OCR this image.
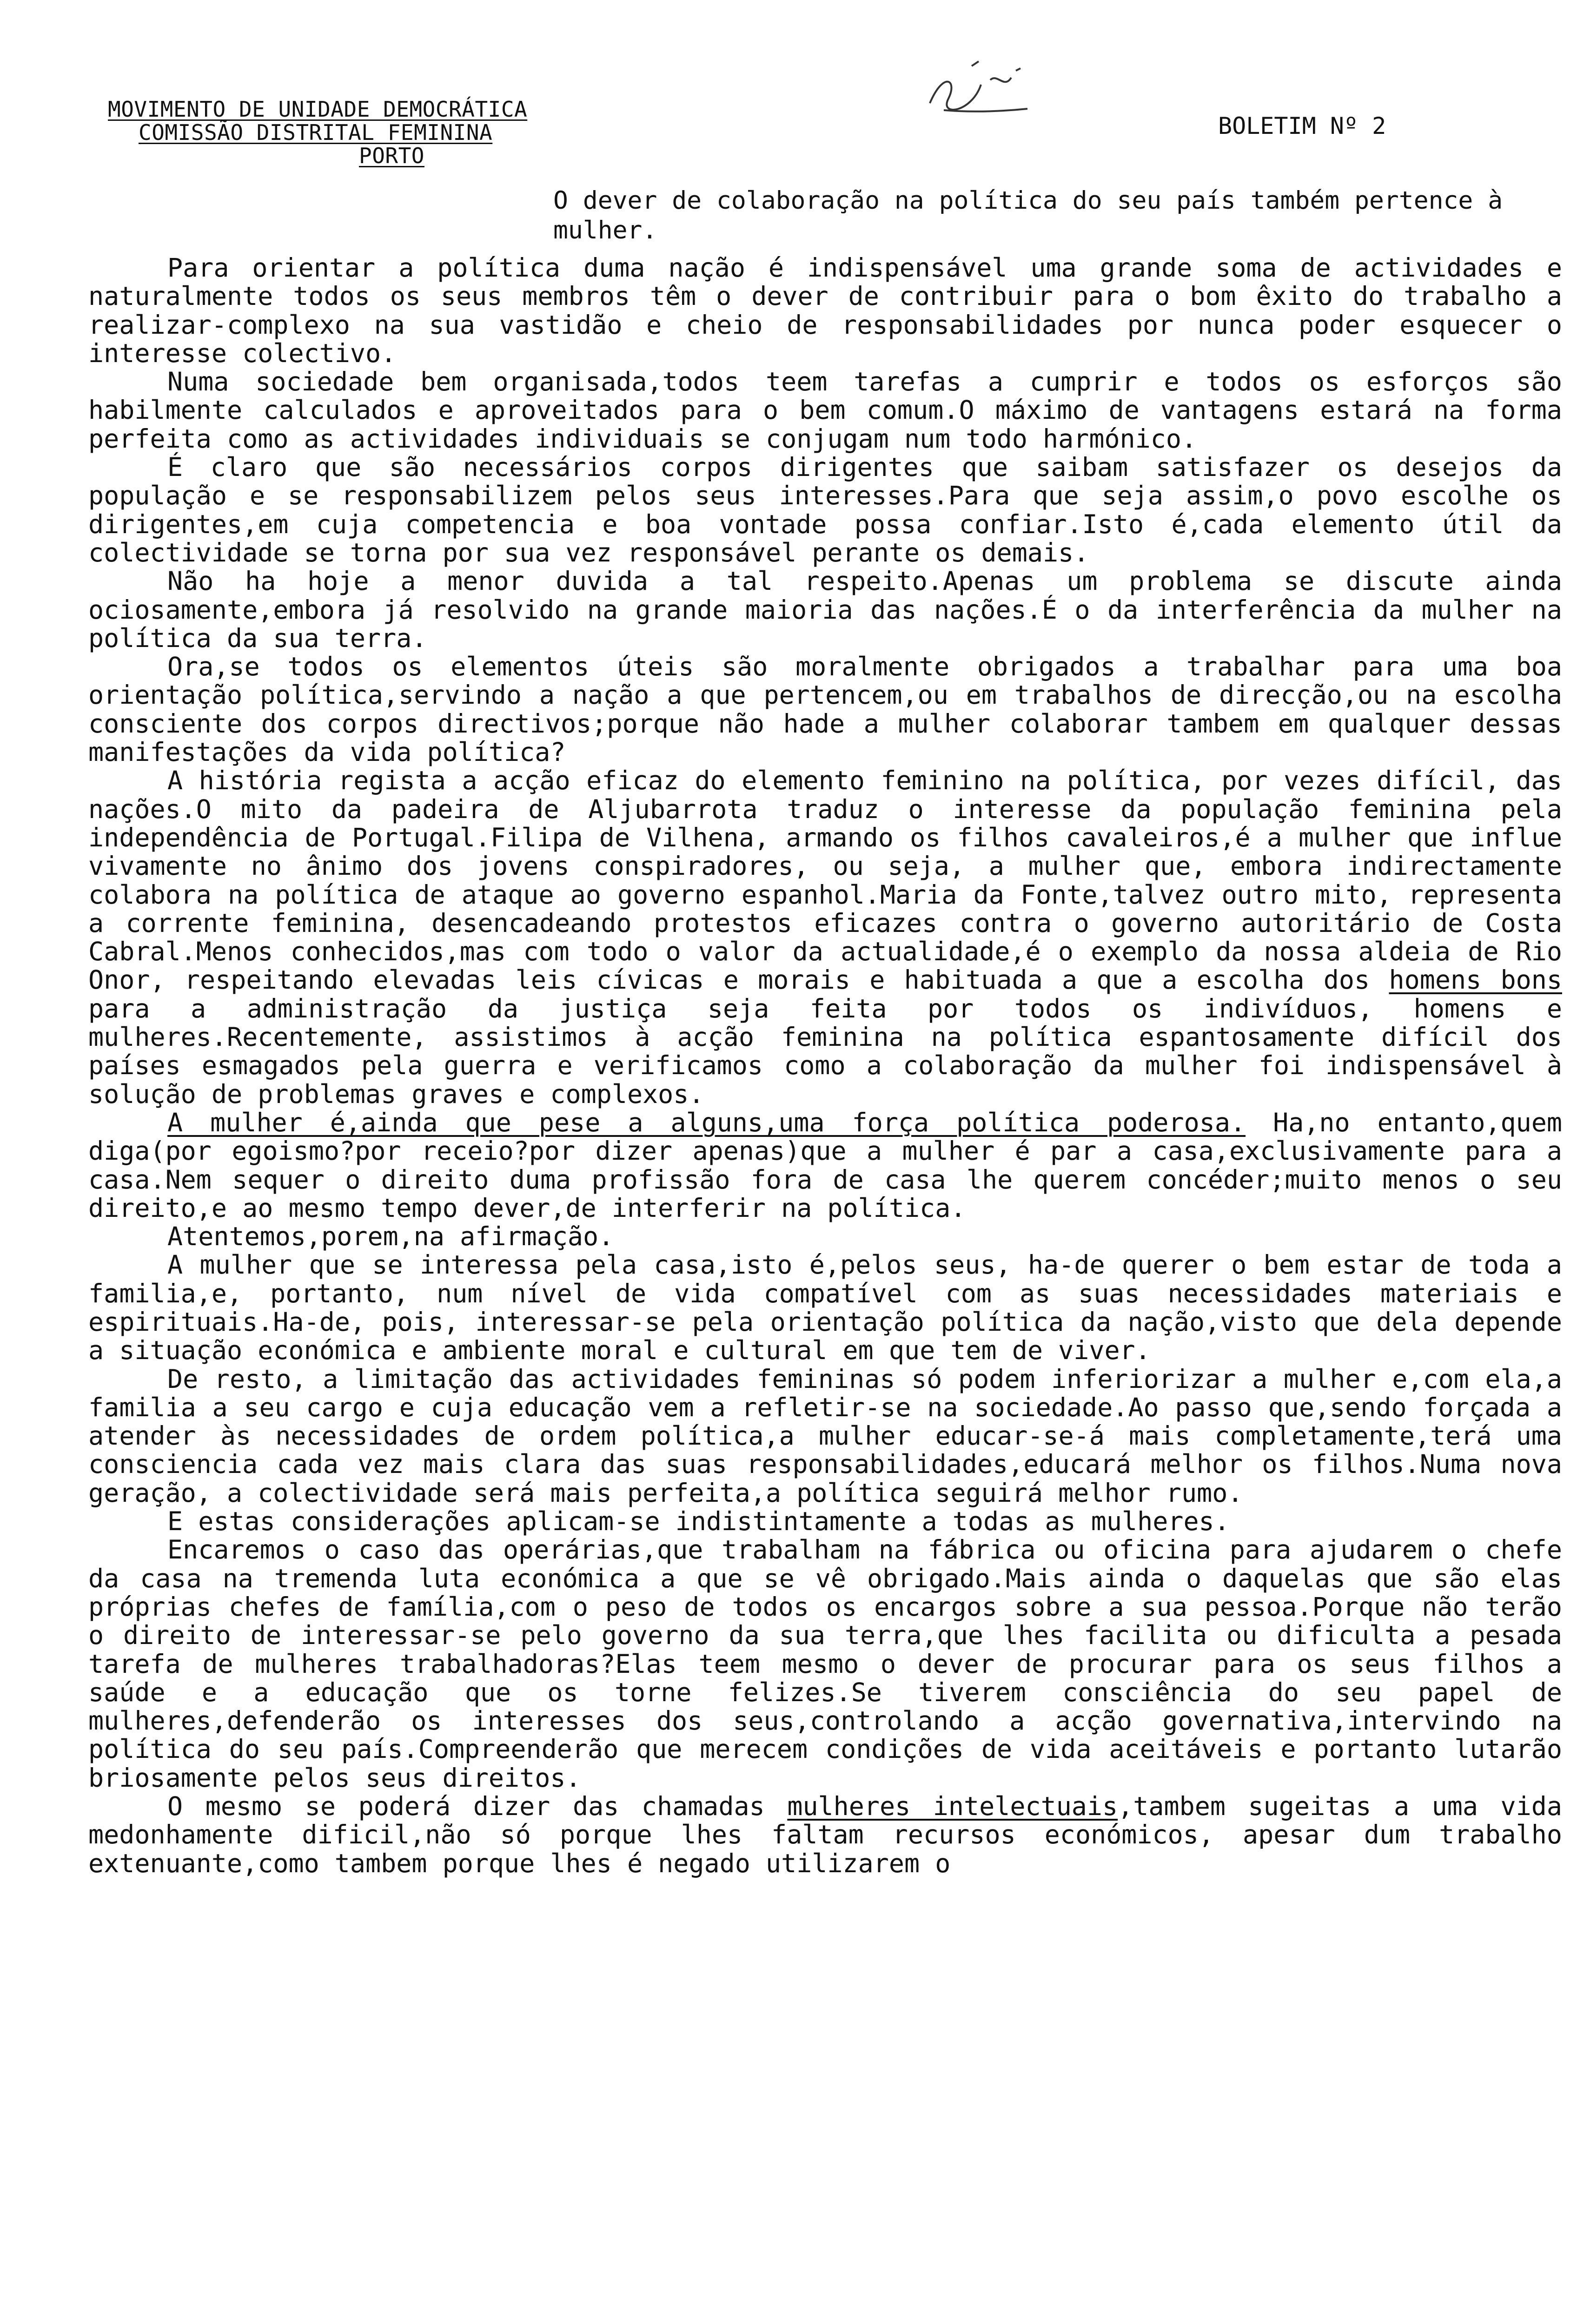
MOVIMENTO DE UNIDADE DEMOCRÁTICA
COMISSÃO DISTRITAL FEMININA
PORTO
BOLETIM Nº 2
O dever de colaboração na política do seu país também pertence à mulher.

Para orientar a política duma nação é indispensável uma grande soma de actividades e naturalmente todos os seus membros têm o dever de contribuir para o bom êxito do trabalho a realizar-complexo na sua vastidão e cheio de responsabilidades por nunca poder esquecer o interesse colectivo.

Numa sociedade bem organisada,todos teem tarefas a cumprir e todos os esforços são habilmente calculados e aproveitados para o bem comum.O máximo de vantagens estará na forma perfeita como as actividades individuais se conjugam num todo harmónico.

É claro que são necessários corpos dirigentes que saibam satisfazer os desejos da população e se responsabilizem pelos seus interesses.Para que seja assim,o povo escolhe os dirigentes,em cuja competencia e boa vontade possa confiar.Isto é,cada elemento útil da colectividade se torna por sua vez responsável perante os demais.

Não ha hoje a menor duvida a tal respeito.Apenas um problema se discute ainda ociosamente,embora já resolvido na grande maioria das nações.É o da interferência da mulher na política da sua terra.

Ora,se todos os elementos úteis são moralmente obrigados a trabalhar para uma boa orientação política,servindo a nação a que pertencem,ou em trabalhos de direcção,ou na escolha consciente dos corpos directivos;porque não hade a mulher colaborar tambem em qualquer dessas manifestações da vida política?

A história regista a acção eficaz do elemento feminino na política, por vezes difícil, das nações.O mito da padeira de Aljubarrota traduz o interesse da população feminina pela independência de Portugal.Filipa de Vilhena, armando os filhos cavaleiros,é a mulher que influe vivamente no ânimo dos jovens conspiradores, ou seja, a mulher que, embora indirectamente colabora na política de ataque ao governo espanhol.Maria da Fonte,talvez outro mito, representa a corrente feminina, desencadeando protestos eficazes contra o governo autoritário de Costa Cabral.Menos conhecidos,mas com todo o valor da actualidade,é o exemplo da nossa aldeia de Rio Onor, respeitando elevadas leis cívicas e morais e habituada a que a escolha dos homens bons para a administração da justiça seja feita por todos os indivíduos, homens e mulheres.Recentemente, assistimos à acção feminina na política espantosamente difícil dos países esmagados pela guerra e verificamos como a colaboração da mulher foi indispensável à solução de problemas graves e complexos.

A mulher é,ainda que pese a alguns,uma força política poderosa. Ha,no entanto,quem diga(por egoismo?por receio?por dizer apenas)que a mulher é par a casa,exclusivamente para a casa.Nem sequer o direito duma profissão fora de casa lhe querem concéder;muito menos o seu direito,e ao mesmo tempo dever,de interferir na política.

Atentemos,porem,na afirmação.

A mulher que se interessa pela casa,isto é,pelos seus, ha-de querer o bem estar de toda a familia,e, portanto, num nível de vida compatível com as suas necessidades materiais e espirituais.Ha-de, pois, interessar-se pela orientação política da nação,visto que dela depende a situação económica e ambiente moral e cultural em que tem de viver.

De resto, a limitação das actividades femininas só podem inferiorizar a mulher e,com ela,a familia a seu cargo e cuja educação vem a refletir-se na sociedade.Ao passo que,sendo forçada a atender às necessidades de ordem política,a mulher educar-se-á mais completamente,terá uma consciencia cada vez mais clara das suas responsabilidades,educará melhor os filhos.Numa nova geração, a colectividade será mais perfeita,a política seguirá melhor rumo.

E estas considerações aplicam-se indistintamente a todas as mulheres.

Encaremos o caso das operárias,que trabalham na fábrica ou oficina para ajudarem o chefe da casa na tremenda luta económica a que se vê obrigado.Mais ainda o daquelas que são elas próprias chefes de família,com o peso de todos os encargos sobre a sua pessoa.Porque não terão o direito de interessar-se pelo governo da sua terra,que lhes facilita ou dificulta a pesada tarefa de mulheres trabalhadoras?Elas teem mesmo o dever de procurar para os seus filhos a saúde e a educação que os torne felizes.Se tiverem consciência do seu papel de mulheres,defenderão os interesses dos seus,controlando a acção governativa,intervindo na política do seu país.Compreenderão que merecem condições de vida aceitáveis e portanto lutarão briosamente pelos seus direitos.

O mesmo se poderá dizer das chamadas mulheres intelectuais,tambem sugeitas a uma vida medonhamente dificil,não só porque lhes faltam recursos económicos, apesar dum trabalho extenuante,como tambem porque lhes é negado utilizarem o
